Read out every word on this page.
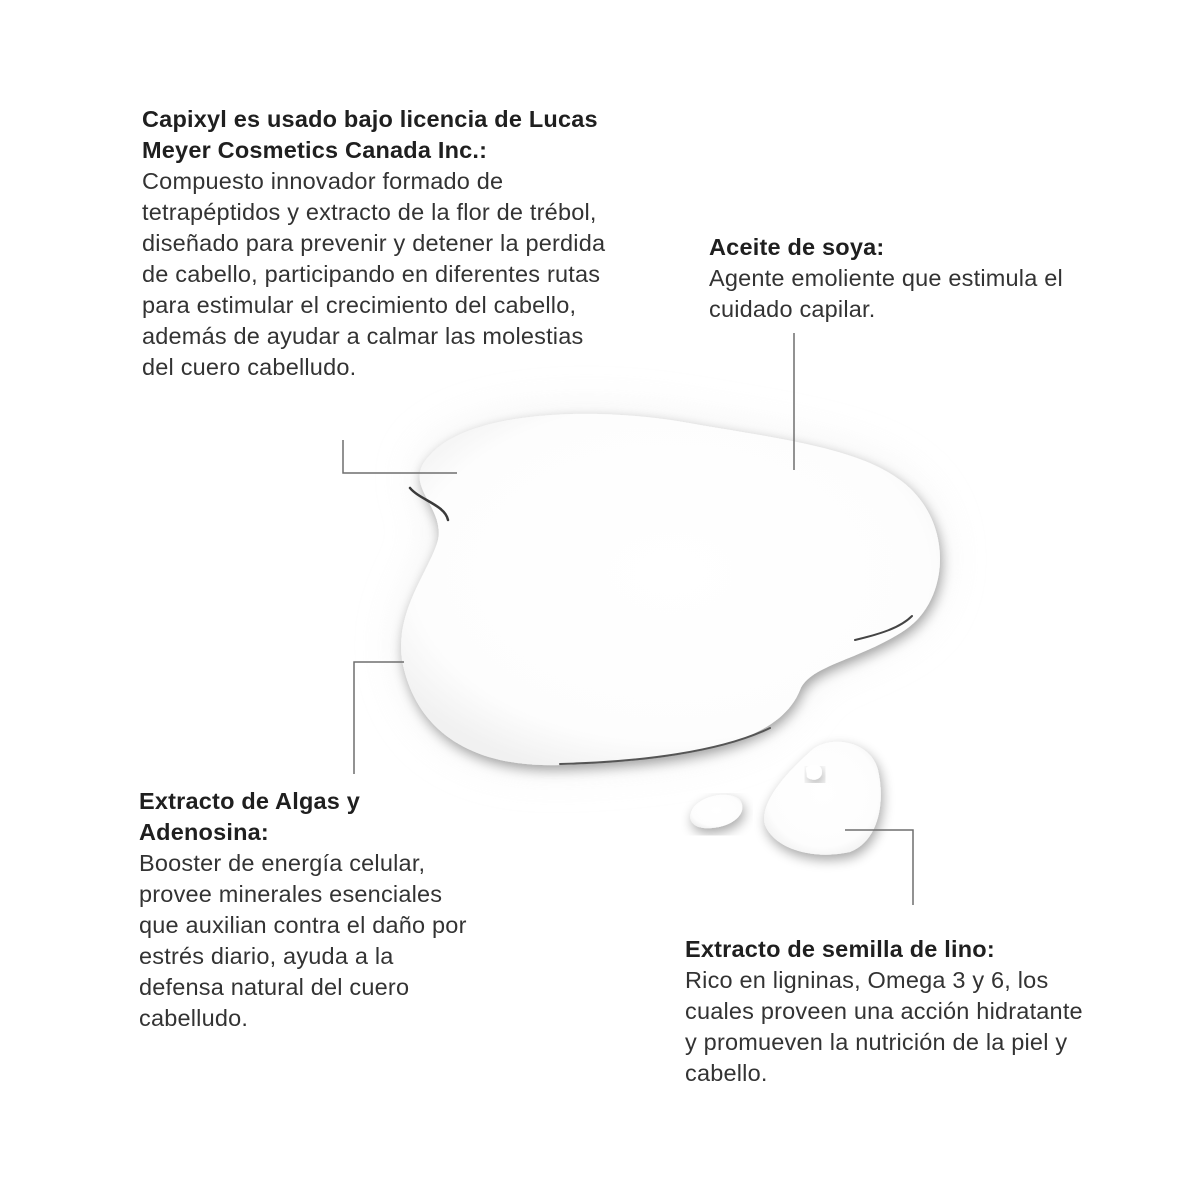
Capixyl es usado bajo licencia de Lucas Meyer Cosmetics Canada Inc.:
Compuesto innovador formado de tetrapéptidos y extracto de la flor de trébol, diseñado para prevenir y detener la perdida de cabello, participando en diferentes rutas para estimular el crecimiento del cabello, además de ayudar a calmar las molestias del cuero cabelludo.

Aceite de soya:
Agente emoliente que estimula el cuidado capilar.

Extracto de Algas y Adenosina:
Booster de energía celular, provee minerales esenciales que auxilian contra el daño por estrés diario, ayuda a la defensa natural del cuero cabelludo.

Extracto de semilla de lino:
Rico en ligninas, Omega 3 y 6, los cuales proveen una acción hidratante y promueven la nutrición de la piel y cabello.
